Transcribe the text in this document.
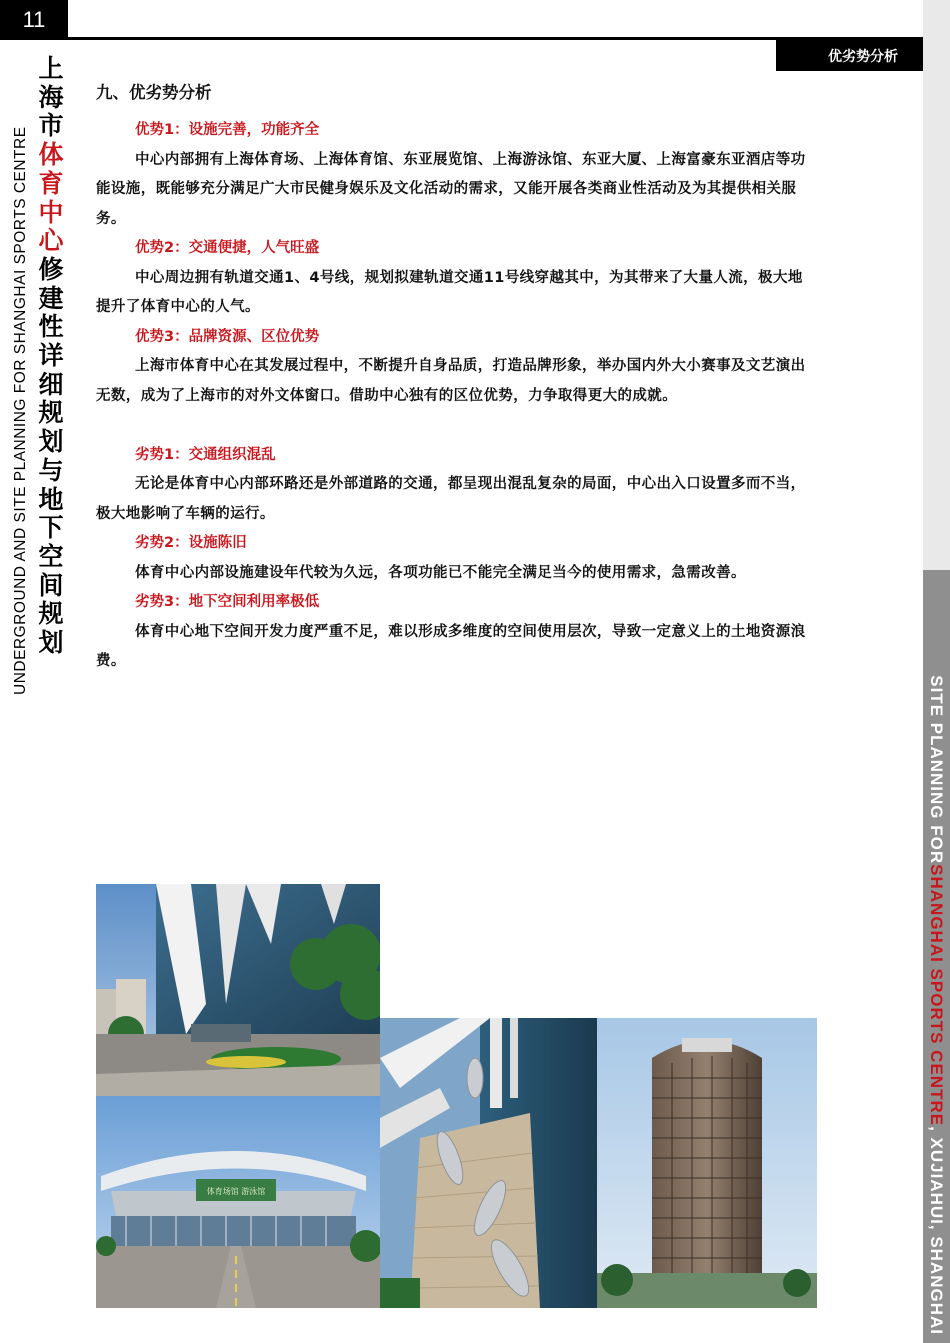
11
优劣势分析
SITE PLANNING FOR
SHANGHAI SPORTS CENTRE
, XUJIAHUI, SHANGHAI
UNDERGROUND AND SITE PLANNING FOR SHANGHAI SPORTS CENTRE
上
海
市
体
育
中
心
修
建
性
详
细
规
划
与
地
下
空
间
规
划
九、优劣势分析
优势1：设施完善，功能齐全

中心内部拥有上海体育场、上海体育馆、东亚展览馆、上海游泳馆、东亚大厦、上海富豪东亚酒店等功能设施，既能够充分满足广大市民健身娱乐及文化活动的需求，又能开展各类商业性活动及为其提供相关服务。

优势2：交通便捷，人气旺盛

中心周边拥有轨道交通1、4号线，规划拟建轨道交通11号线穿越其中，为其带来了大量人流，极大地提升了体育中心的人气。

优势3：品牌资源、区位优势

上海市体育中心在其发展过程中，不断提升自身品质，打造品牌形象，举办国内外大小赛事及文艺演出无数，成为了上海市的对外文体窗口。借助中心独有的区位优势，力争取得更大的成就。

劣势1：交通组织混乱

无论是体育中心内部环路还是外部道路的交通，都呈现出混乱复杂的局面，中心出入口设置多而不当，极大地影响了车辆的运行。

劣势2：设施陈旧

体育中心内部设施建设年代较为久远，各项功能已不能完全满足当今的使用需求，急需改善。

劣势3：地下空间利用率极低

体育中心地下空间开发力度严重不足，难以形成多维度的空间使用层次，导致一定意义上的土地资源浪费。

体育场馆 游泳馆
